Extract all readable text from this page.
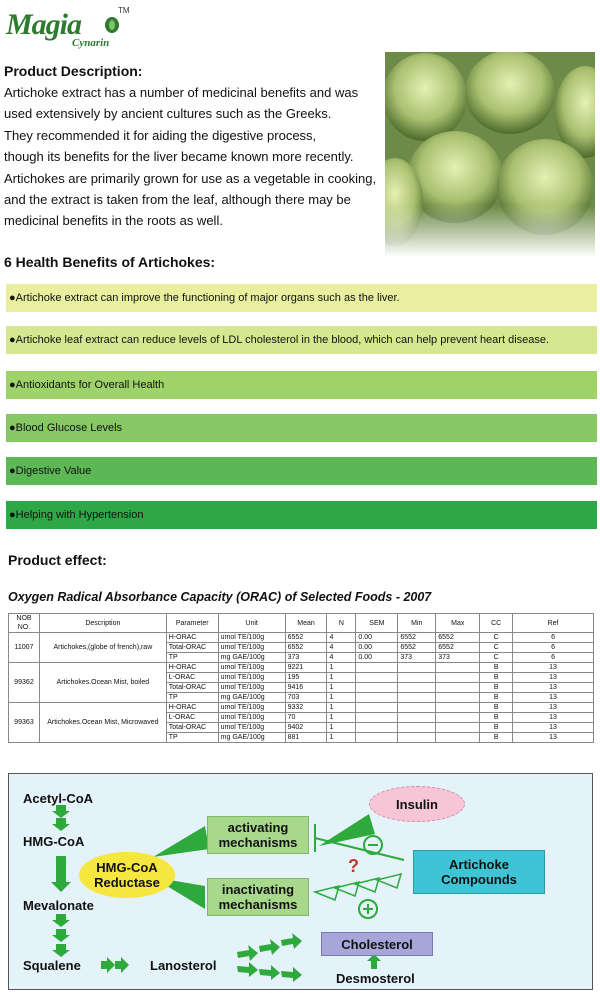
Magia	TM
Cynarin
Product Description:
Artichoke extract has a number of medicinal benefits and was
used extensively by ancient cultures such as the Greeks.
They recommended it for aiding the digestive process,
though its benefits for the liver became known more recently.
Artichokes are primarily grown for use as a vegetable in cooking,
and the extract is taken from the leaf, although there may be
medicinal benefits in the roots as well.
6 Health Benefits of Artichokes:
●Artichoke extract can improve the functioning of major organs such as the liver.
●Artichoke leaf extract can reduce levels of LDL cholesterol in the blood, which can help prevent heart disease.
●Antioxidants for Overall Health
●Blood Glucose Levels
●Digestive Value
●Helping with Hypertension
Product effect:
Oxygen Radical Absorbance Capacity (ORAC) of Selected Foods - 2007
NOB NO.	Description	Parameter	Unit	Mean	N	SEM	Min	Max	CC	Ref
11007	Artichokes,(globe of french),raw	H-ORAC	umol TE/100g	6552	4	0.00	6552	6552	C	6
		Total-ORAC	umol TE/100g	6552	4	0.00	6552	6552	C	6
		TP	mg GAE/100g	373	4	0.00	373	373	C	6
99362	Artichokes.Ocean Mist, boiled	H-ORAC	umol TE/100g	9221	1				B	13
		L-ORAC	umol TE/100g	195	1				B	13
		Total-ORAC	umol TE/100g	9416	1				B	13
		TP	mg GAE/100g	703	1				B	13
99363	Artichokes.Ocean Mist, Microwaved	H-ORAC	umol TE/100g	9332	1				B	13
		L-ORAC	umol TE/100g	70	1				B	13
		Total-ORAC	umol TE/100g	9402	1				B	13
		TP	mg GAE/100g	881	1				B	13
Acetyl-CoA
HMG-CoA
Mevalonate
Squalene	Lanosterol
Desmosterol
HMG-CoA
Reductase
activating
mechanisms
inactivating
mechanisms
Insulin
Artichoke
Compounds
Cholesterol
?
